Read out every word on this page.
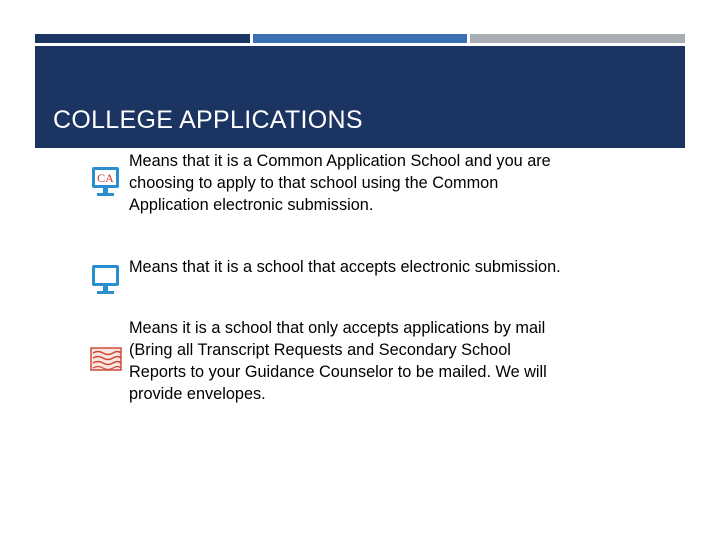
COLLEGE APPLICATIONS
CA
Means that it is a Common Application School and you are
choosing to apply to that school using the Common
Application electronic submission.
Means that it is a school that accepts electronic submission.
Means it is a school that only accepts applications by mail
(Bring all Transcript Requests and Secondary School
Reports to your Guidance Counselor to be mailed. We will
provide envelopes.
